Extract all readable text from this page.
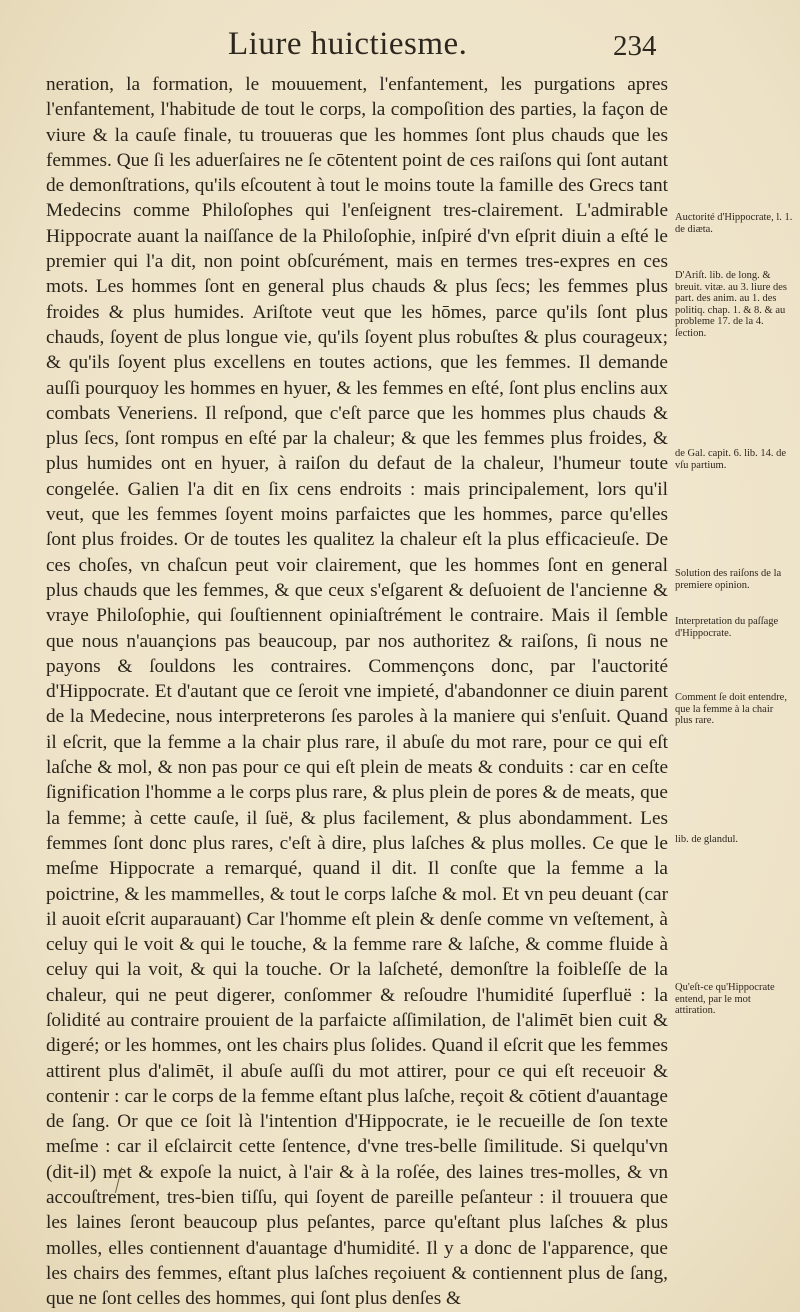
Liure huictiesme.	234

neration, la formation, le mouuement, l'enfantement, les purgations apres l'enfantement, l'habitude de tout le corps, la compoſition des parties, la façon de viure & la cauſe finale, tu trouueras que les hommes ſont plus chauds que les femmes. Que ſi les aduerſaires ne ſe cōtentent point de ces raiſons qui ſont autant de demonſtrations, qu'ils eſcoutent à tout le moins toute la famille des Grecs tant Medecins comme Philoſophes qui l'enſeignent tres-clairement. L'admirable Hippocrate auant la naiſſance de la Philoſophie, inſpiré d'vn eſprit diuin a eſté le premier qui l'a dit, non point obſcurément, mais en termes tres-expres en ces mots. Les hommes ſont en general plus chauds & plus ſecs; les femmes plus froides & plus humides. Ariſtote veut que les hōmes, parce qu'ils ſont plus chauds, ſoyent de plus longue vie, qu'ils ſoyent plus robuſtes & plus courageux; & qu'ils ſoyent plus excellens en toutes actions, que les femmes. Il demande auſſi pourquoy les hommes en hyuer, & les femmes en eſté, ſont plus enclins aux combats Veneriens. Il reſpond, que c'eſt parce que les hommes plus chauds & plus ſecs, ſont rompus en eſté par la chaleur; & que les femmes plus froides, & plus humides ont en hyuer, à raiſon du defaut de la chaleur, l'humeur toute congelée. Galien l'a dit en ſix cens endroits : mais principalement, lors qu'il veut, que les femmes ſoyent moins parfaictes que les hommes, parce qu'elles ſont plus froides. Or de toutes les qualitez la chaleur eſt la plus efficacieuſe. De ces choſes, vn chaſcun peut voir clairement, que les hommes ſont en general plus chauds que les femmes, & que ceux s'eſgarent & deſuoient de l'ancienne & vraye Philoſophie, qui ſouſtiennent opiniaſtrément le contraire. Mais il ſemble que nous n'auançions pas beaucoup, par nos authoritez & raiſons, ſi nous ne payons & ſouldons les contraires. Commençons donc, par l'auctorité d'Hippocrate. Et d'autant que ce ſeroit vne impieté, d'abandonner ce diuin parent de la Medecine, nous interpreterons ſes paroles à la maniere qui s'enſuit. Quand il eſcrit, que la femme a la chair plus rare, il abuſe du mot rare, pour ce qui eſt laſche & mol, & non pas pour ce qui eſt plein de meats & conduits : car en ceſte ſignification l'homme a le corps plus rare, & plus plein de pores & de meats, que la femme; à cette cauſe, il ſuë, & plus facilement, & plus abondamment. Les femmes ſont donc plus rares, c'eſt à dire, plus laſches & plus molles. Ce que le meſme Hippocrate a remarqué, quand il dit. Il conſte que la femme a la poictrine, & les mammelles, & tout le corps laſche & mol. Et vn peu deuant (car il auoit eſcrit auparauant) Car l'homme eſt plein & denſe comme vn veſtement, à celuy qui le voit & qui le touche, & la femme rare & laſche, & comme fluide à celuy qui la voit, & qui la touche. Or la laſcheté, demonſtre la foibleſſe de la chaleur, qui ne peut digerer, conſommer & reſoudre l'humidité ſuperfluë : la ſolidité au contraire prouient de la parfaicte aſſimilation, de l'alimēt bien cuit & digeré; or les hommes, ont les chairs plus ſolides. Quand il eſcrit que les femmes attirent plus d'alimēt, il abuſe auſſi du mot attirer, pour ce qui eſt receuoir & contenir : car le corps de la femme eſtant plus laſche, reçoit & cōtient d'auantage de ſang. Or que ce ſoit là l'intention d'Hippocrate, ie le recueille de ſon texte meſme : car il eſclaircit cette ſentence, d'vne tres-belle ſimilitude. Si quelqu'vn (dit-il) met & expoſe la nuict, à l'air & à la roſée, des laines tres-molles, & vn accouſtrement, tres-bien tiſſu, qui ſoyent de pareille peſanteur : il trouuera que les laines ſeront beaucoup plus peſantes, parce qu'eſtant plus laſches & plus molles, elles contiennent d'auantage d'humidité. Il y a donc de l'apparence, que les chairs des femmes, eſtant plus laſches reçoiuent & contiennent plus de ſang, que ne ſont celles des hommes, qui ſont plus denſes &

Auctorité d'Hippocrate, l. 1. de diæta.
D'Ariſt. lib. de long. & breuit. vitæ. au 3. liure des part. des anim. au 1. des politiq. chap. 1. & 8. & au probleme 17. de la 4. ſection.
de Gal. capit. 6. lib. 14. de vſu partium.
Solution des raiſons de la premiere opinion.
Interpretation du paſſage d'Hippocrate.
Comment ſe doit entendre, que la femme à la chair plus rare.
lib. de glandul.
Qu'eſt-ce qu'Hippocrate entend, par le mot attiration.
